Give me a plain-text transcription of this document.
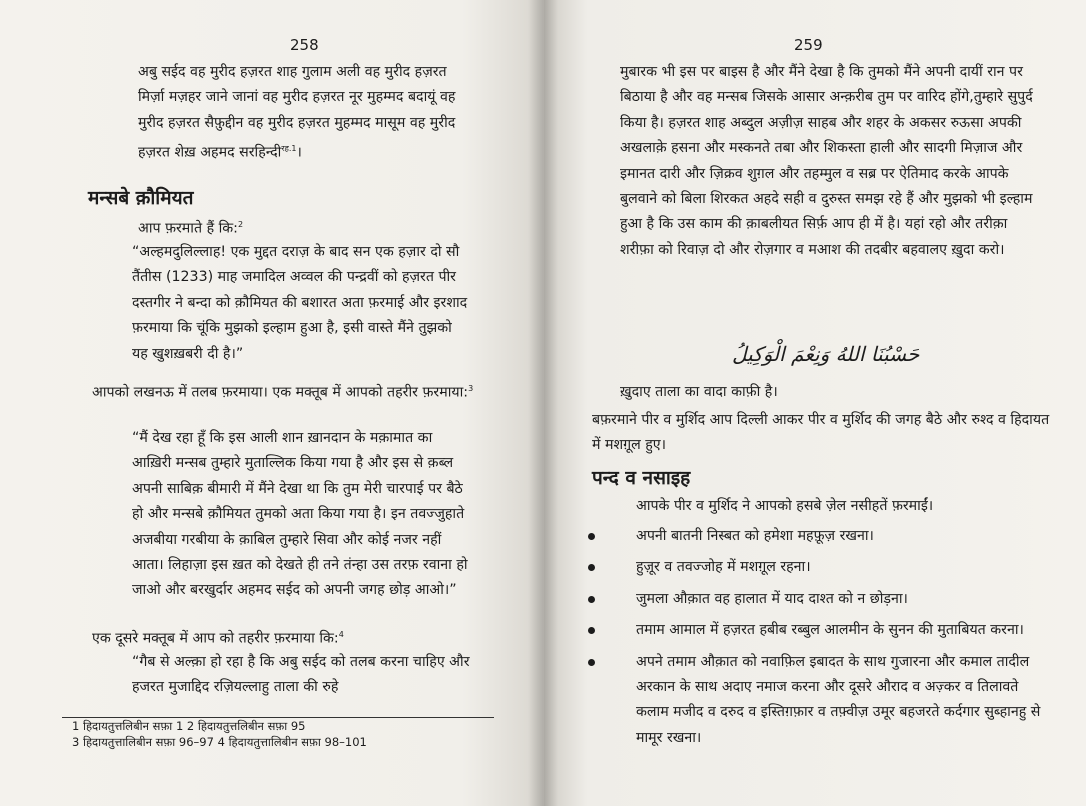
258
अबु सईद वह मुरीद हज़रत शाह गुलाम अली वह मुरीद हज़रत मिर्ज़ा मज़हर जाने जानां वह मुरीद हज़रत नूर मुहम्मद बदायूं वह मुरीद हज़रत सैफ़ुद्दीन वह मुरीद हज़रत मुहम्मद मासूम वह मुरीद हज़रत शेख़ अहमद सरहिन्दी$^{रह.1}$।
मन्सबे क़ौमियत
आप फ़रमाते हैं कि:$^2$
“अल्हमदुलिल्लाह! एक मुद्दत दराज़ के बाद सन एक हज़ार दो सौ तैंतीस (1233) माह जमादिल अव्वल की पन्द्रवीं को हज़रत पीर दस्तगीर ने बन्दा को क़ौमियत की बशारत अता फ़रमाई और इरशाद फ़रमाया कि चूंकि मुझको इल्हाम हुआ है, इसी वास्ते मैंने तुझको यह खुशख़बरी दी है।”
आपको लखनऊ में तलब फ़रमाया। एक मक्तूब में आपको तहरीर फ़रमाया:$^3$
“मैं देख रहा हूँ कि इस आली शान ख़ानदान के मक़ामात का आख़िरी मन्सब तुम्हारे मुताल्लिक किया गया है और इस से क़ब्ल अपनी साबिक़ बीमारी में मैंने देखा था कि तुम मेरी चारपाई पर बैठे हो और मन्सबे क़ौमियत तुमको अता किया गया है। इन तवज्जुहाते अजबीया गरबीया के क़ाबिल तुम्हारे सिवा और कोई नजर नहीं आता। लिहाज़ा इस ख़त को देखते ही तने तंन्हा उस तरफ़ रवाना हो जाओ और बरखुर्दार अहमद सईद को अपनी जगह छोड़ आओ।”
एक दूसरे मक्तूब में आप को तहरीर फ़रमाया कि:$^4$
“गैब से अल्क़ा हो रहा है कि अबु सईद को तलब करना चाहिए और हजरत मुजाद्दिद रज़ियल्लाहु ताला की रुहे
1 हिदायतुत्तलिबीन सफ़ा 1 2 हिदायतुत्तलिबीन सफ़ा 95
3 हिदायतुत्तालिबीन सफ़ा 96–97 4 हिदायतुत्तालिबीन सफ़ा 98–101
259
मुबारक भी इस पर बाइस है और मैंने देखा है कि तुमको मैंने अपनी दायीं रान पर बिठाया है और वह मन्सब जिसके आसार अन्क़रीब तुम पर वारिद होंगे,तुम्हारे सुपुर्द किया है। हज़रत शाह अब्दुल अज़ीज़ साहब और शहर के अकसर रुऊसा अपकी अखलाक़े हसना और मस्कनते तबा और शिकस्ता हाली और सादगी मिज़ाज और इमानत दारी और ज़िक्रव शुग़ल और तहम्मुल व सब्र पर ऐतिमाद करके आपके बुलवाने को बिला शिरकत अहदे सही व दुरुस्त समझ रहे हैं और मुझको भी इल्हाम हुआ है कि उस काम की क़ाबलीयत सिर्फ़ आप ही में है। यहां रहो और तरीक़ा शरीफ़ा को रिवाज़ दो और रोज़गार व मआश की तदबीर बहवालए ख़ुदा करो।
حَسْبُنَا اللهُ وَنِعْمَ الْوَكِيلُ
ख़ुदाए ताला का वादा काफ़ी है।
बफ़रमाने पीर व मुर्शिद आप दिल्ली आकर पीर व मुर्शिद की जगह बैठे और रुश्द व हिदायत में मशग़ूल हुए।
पन्द व नसाइह
आपके पीर व मुर्शिद ने आपको हसबे ज़ेल नसीहतें फ़रमाईं।
अपनी बातनी निस्बत को हमेशा महफ़ूज़ रखना।
हुज़ूर व तवज्जोह में मशग़ूल रहना।
जुमला औक़ात वह हालात में याद दाश्त को न छोड़ना।
तमाम आमाल में हज़रत हबीब रब्बुल आलमीन के सुनन की मुताबियत करना।
अपने तमाम औक़ात को नवाफ़िल इबादत के साथ गुजारना और कमाल तादील अरकान के साथ अदाए नमाज करना और दूसरे औराद व अज़्कर व तिलावते कलाम मजीद व दरुद व इस्तिग़फ़ार व तफ़्वीज़ उमूर बहजरते कर्दगार सुब्हानहु से मामूर रखना।
